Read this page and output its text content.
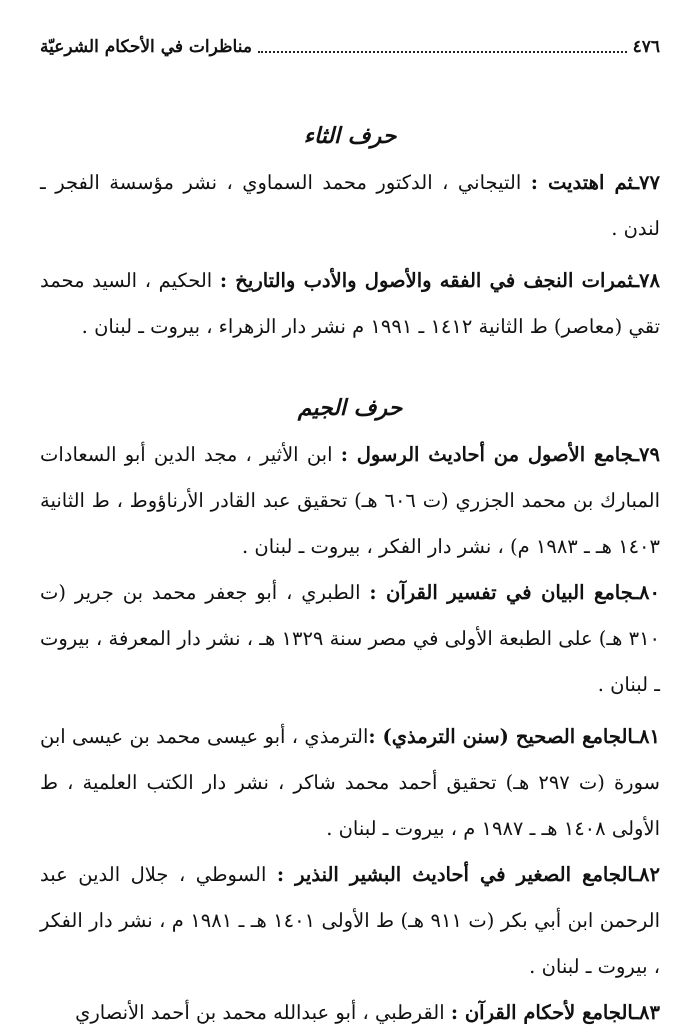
٤٧٦
مناظرات في الأحكام الشرعيّة
حرف الثاء

٧٧ـثم اهتديت : التيجاني ، الدكتور محمد السماوي ، نشر مؤسسة الفجر ـ لندن .

٧٨ـثمرات النجف في الفقه والأصول والأدب والتاريخ : الحكيم ، السيد محمد تقي (معاصر) ط الثانية ١٤١٢ ـ ١٩٩١ م نشر دار الزهراء ، بيروت ـ لبنان .

حرف الجيم

٧٩ـجامع الأصول من أحاديث الرسول : ابن الأثير ، مجد الدين أبو السعادات المبارك بن محمد الجزري (ت ٦٠٦ هـ) تحقيق عبد القادر الأرناؤوط ، ط الثانية ١٤٠٣ هـ ـ ١٩٨٣ م) ، نشر دار الفكر ، بيروت ـ لبنان .

٨٠ـجامع البيان في تفسير القرآن : الطبري ، أبو جعفر محمد بن جرير (ت ٣١٠ هـ) على الطبعة الأولى في مصر سنة ١٣٢٩ هـ ، نشر دار المعرفة ، بيروت ـ لبنان .

٨١ـالجامع الصحيح (سنن الترمذي) :الترمذي ، أبو عيسى محمد بن عيسى ابن سورة (ت ٢٩٧ هـ) تحقيق أحمد محمد شاكر ، نشر دار الكتب العلمية ، ط الأولى ١٤٠٨ هـ ـ ١٩٨٧ م ، بيروت ـ لبنان .

٨٢ـالجامع الصغير في أحاديث البشير النذير : السوطي ، جلال الدين عبد الرحمن ابن أبي بكر (ت ٩١١ هـ) ط الأولى ١٤٠١ هـ ـ ١٩٨١ م ، نشر دار الفكر ، بيروت ـ لبنان .

٨٣ـالجامع لأحكام القرآن : القرطبي ، أبو عبدالله محمد بن أحمد الأنصاري
